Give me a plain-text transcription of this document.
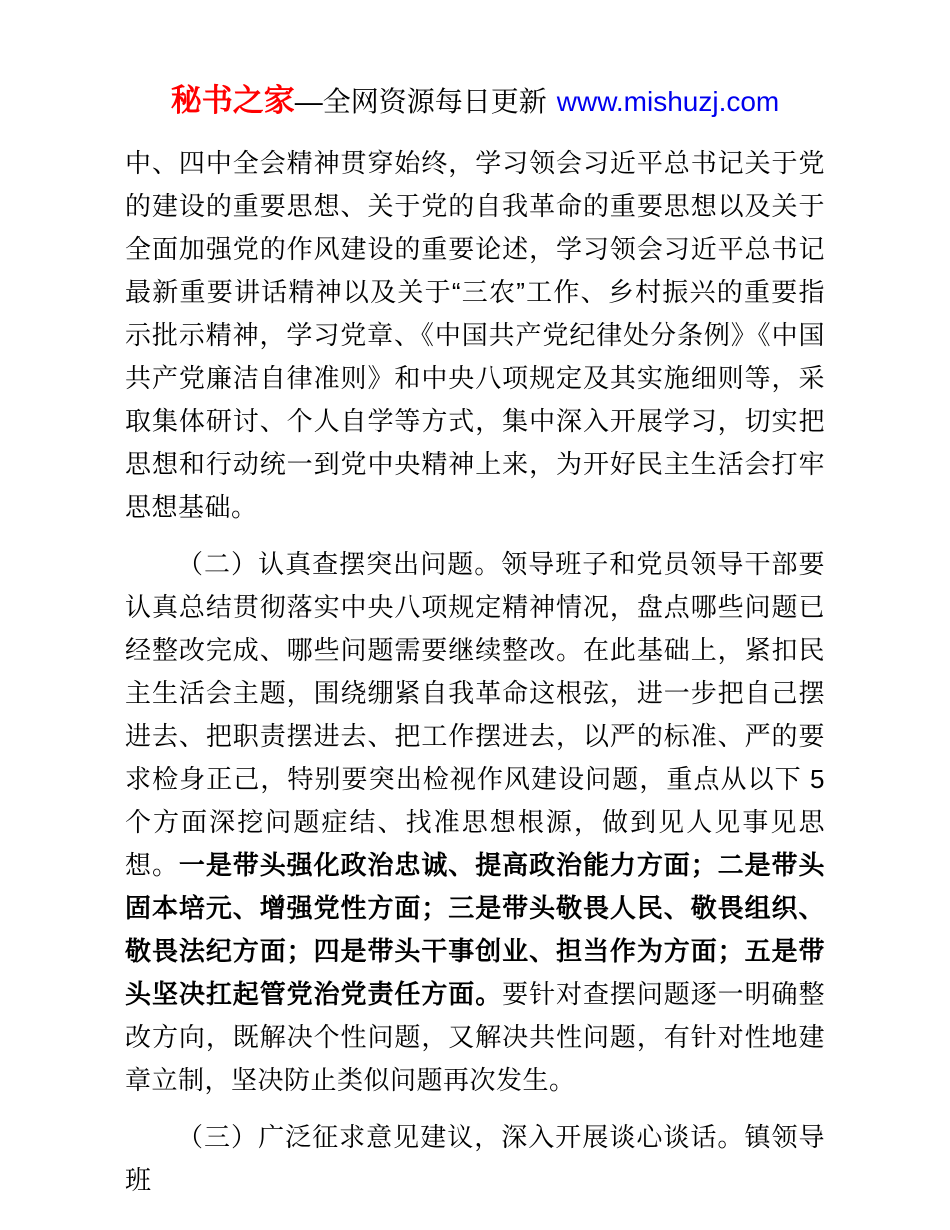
秘书之家—全网资源每日更新 www.mishuzj.com

中、四中全会精神贯穿始终，学习领会习近平总书记关于党的建设的重要思想、关于党的自我革命的重要思想以及关于全面加强党的作风建设的重要论述，学习领会习近平总书记最新重要讲话精神以及关于“三农”工作、乡村振兴的重要指示批示精神，学习党章、《中国共产党纪律处分条例》《中国共产党廉洁自律准则》和中央八项规定及其实施细则等，采取集体研讨、个人自学等方式，集中深入开展学习，切实把思想和行动统一到党中央精神上来，为开好民主生活会打牢思想基础。

（二）认真查摆突出问题。领导班子和党员领导干部要认真总结贯彻落实中央八项规定精神情况，盘点哪些问题已经整改完成、哪些问题需要继续整改。在此基础上，紧扣民主生活会主题，围绕绷紧自我革命这根弦，进一步把自己摆进去、把职责摆进去、把工作摆进去，以严的标准、严的要求检身正己，特别要突出检视作风建设问题，重点从以下 5 个方面深挖问题症结、找准思想根源，做到见人见事见思想。一是带头强化政治忠诚、提高政治能力方面；二是带头固本培元、增强党性方面；三是带头敬畏人民、敬畏组织、敬畏法纪方面；四是带头干事创业、担当作为方面；五是带头坚决扛起管党治党责任方面。要针对查摆问题逐一明确整改方向，既解决个性问题，又解决共性问题，有针对性地建章立制，坚决防止类似问题再次发生。

（三）广泛征求意见建议，深入开展谈心谈话。镇领导班
